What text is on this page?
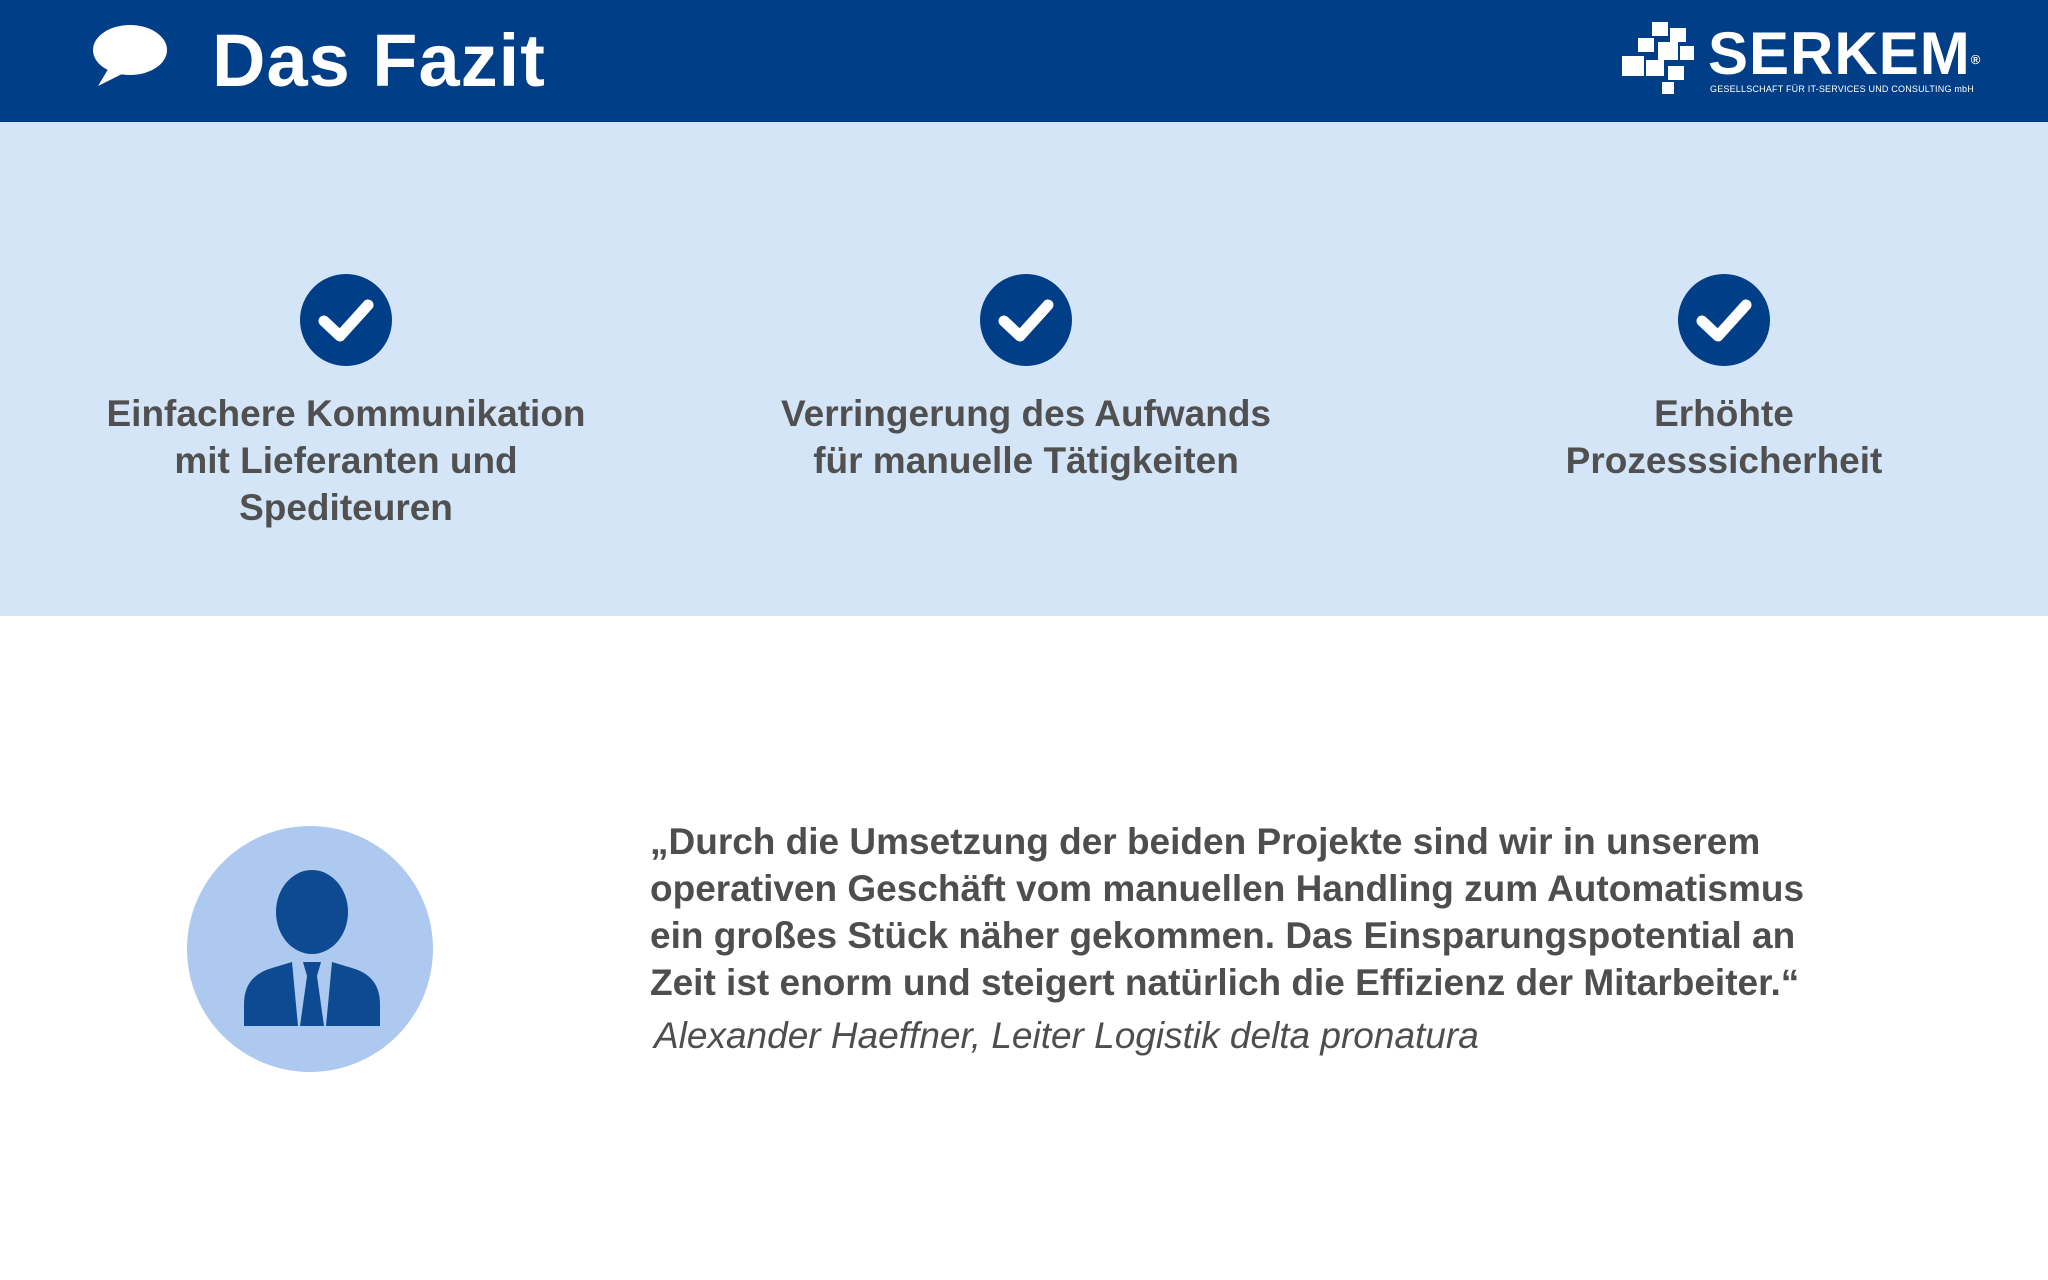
Das Fazit	SERKEM®
GESELLSCHAFT FÜR IT-SERVICES UND CONSULTING mbH
Einfachere Kommunikation
mit Lieferanten und
Spediteuren
Verringerung des Aufwands
für manuelle Tätigkeiten
Erhöhte
Prozesssicherheit

„Durch die Umsetzung der beiden Projekte sind wir in unserem
operativen Geschäft vom manuellen Handling zum Automatismus
ein großes Stück näher gekommen. Das Einsparungspotential an
Zeit ist enorm und steigert natürlich die Effizienz der Mitarbeiter.“

Alexander Haeffner, Leiter Logistik delta pronatura
